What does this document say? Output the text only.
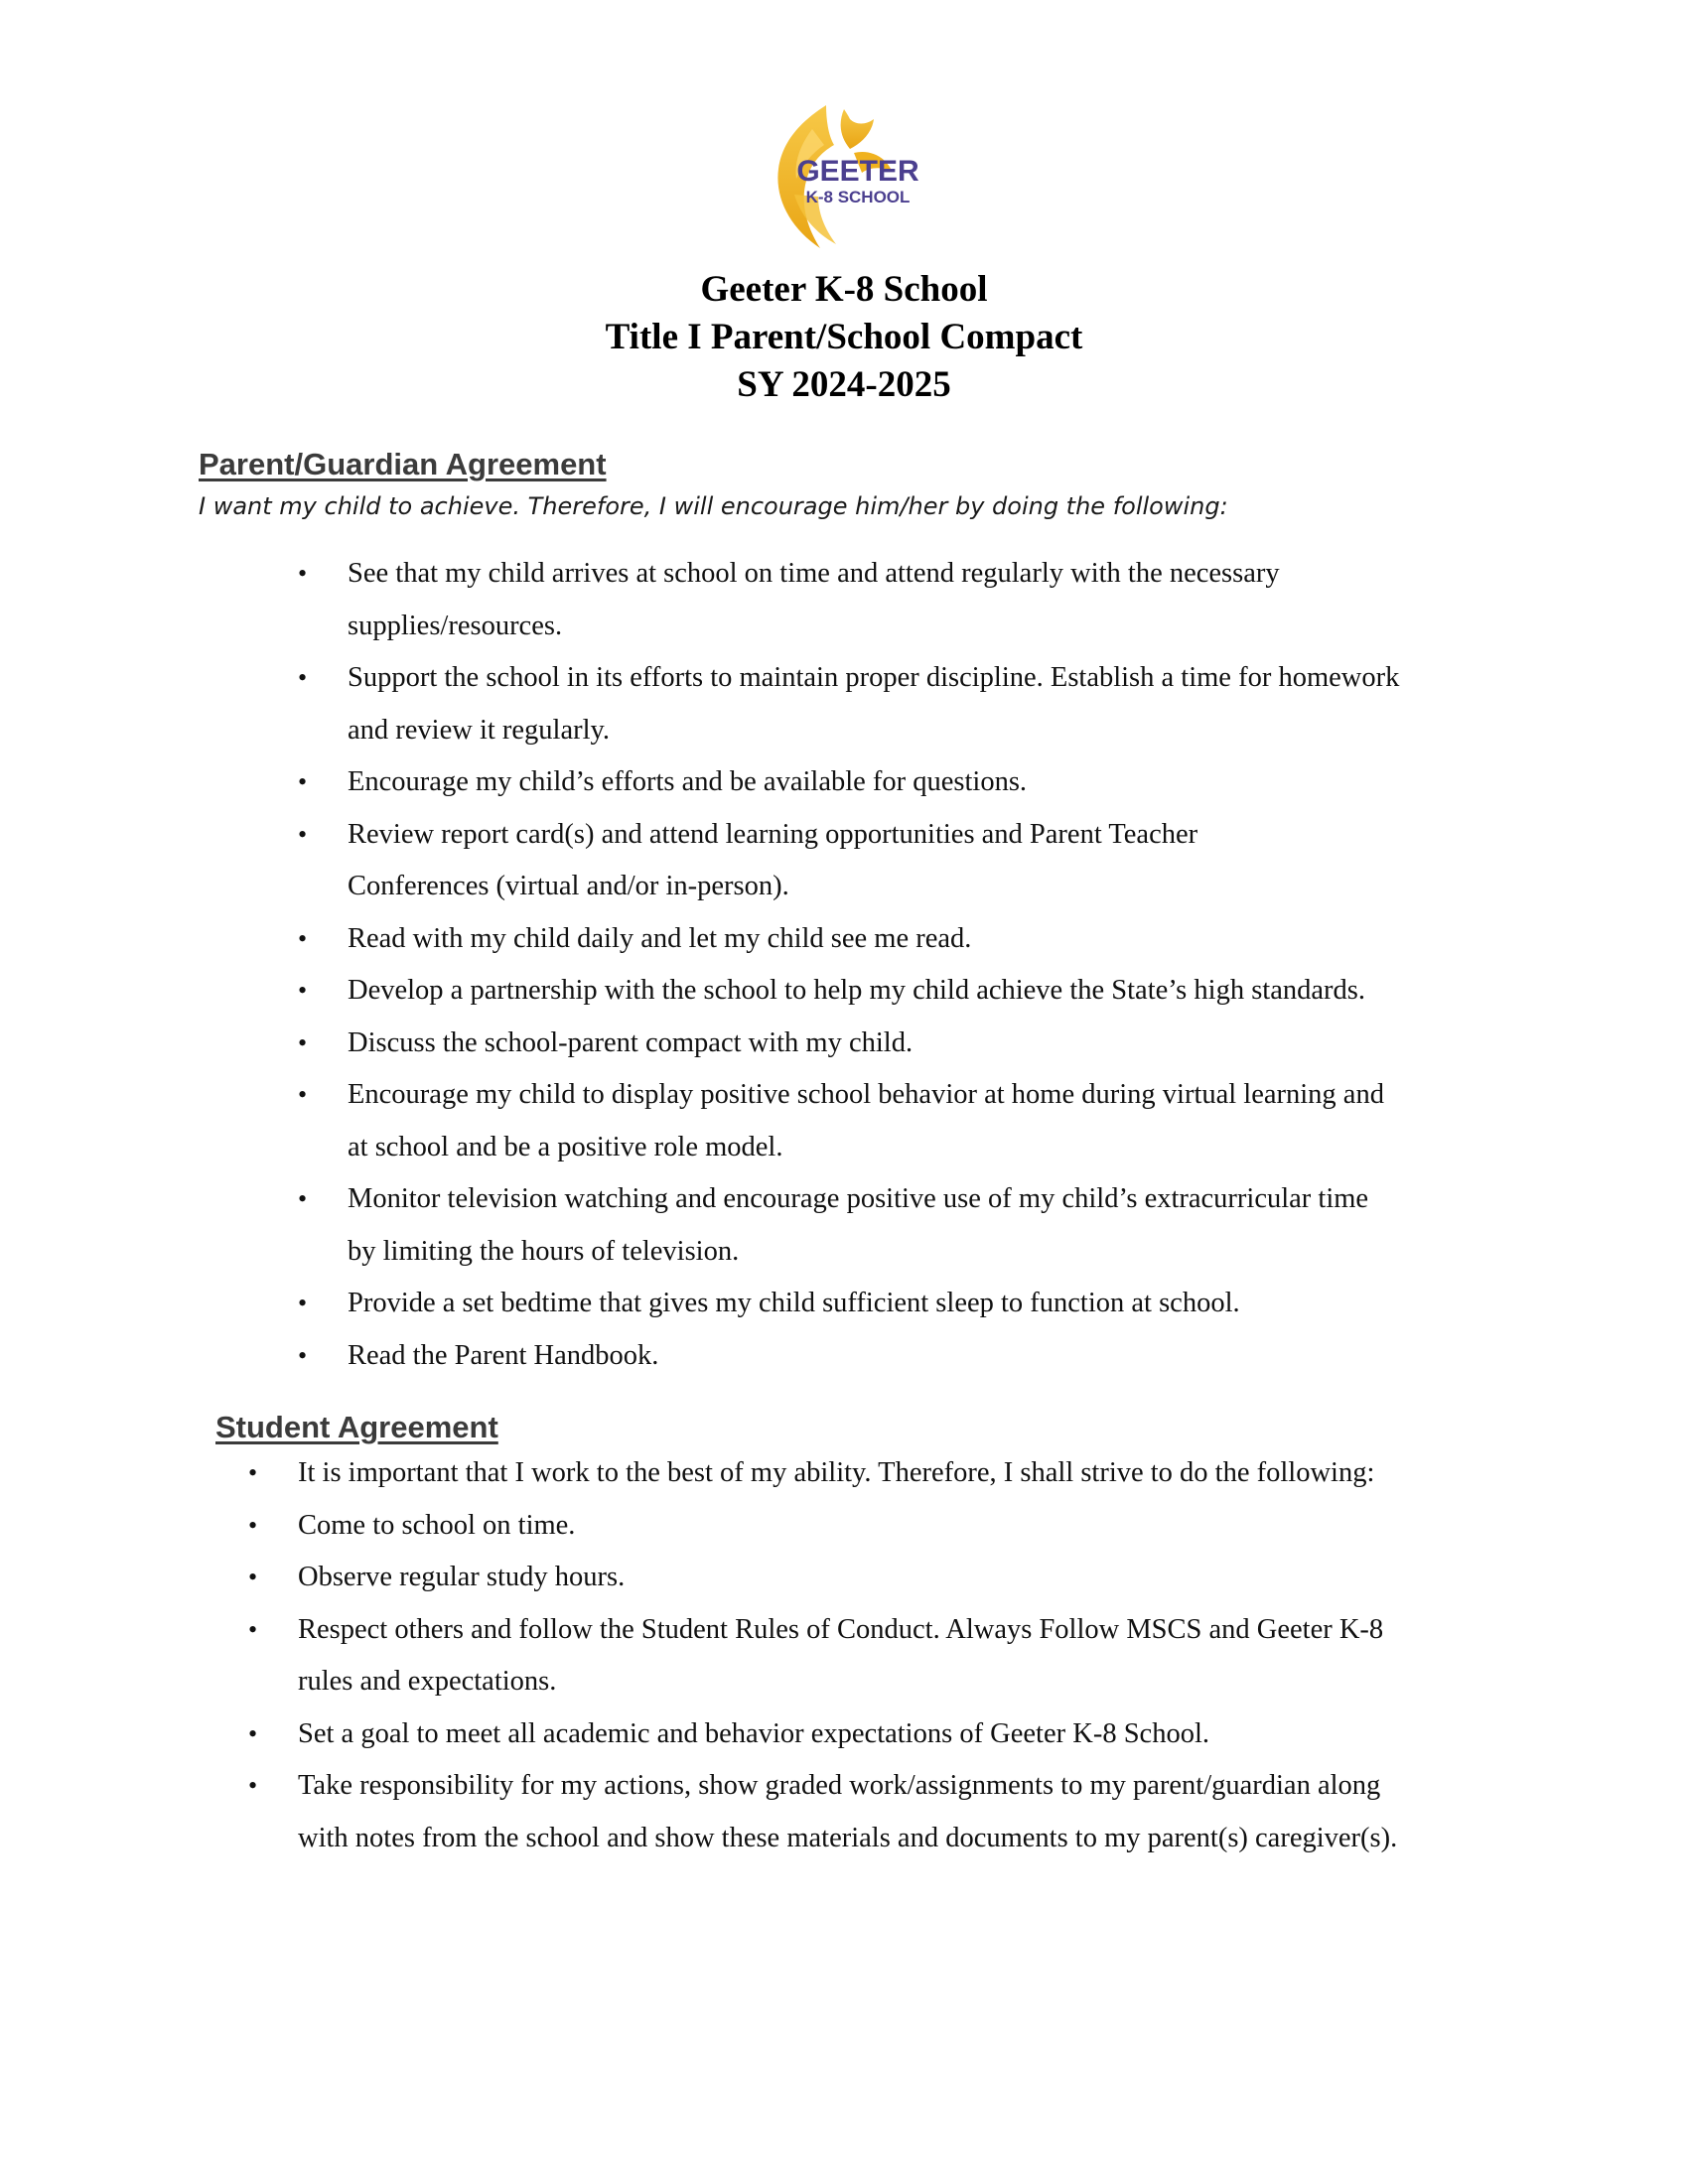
GEETER
K-8 SCHOOL
Geeter K-8 School
Title I Parent/School Compact
SY 2024-2025
Parent/Guardian Agreement
I want my child to achieve. Therefore, I will encourage him/her by doing the following:
• See that my child arrives at school on time and attend regularly with the necessary
supplies/resources.
• Support the school in its efforts to maintain proper discipline. Establish a time for homework
and review it regularly.
• Encourage my child’s efforts and be available for questions.
• Review report card(s) and attend learning opportunities and Parent Teacher
Conferences (virtual and/or in-person).
• Read with my child daily and let my child see me read.
• Develop a partnership with the school to help my child achieve the State’s high standards.
• Discuss the school-parent compact with my child.
• Encourage my child to display positive school behavior at home during virtual learning and
at school and be a positive role model.
• Monitor television watching and encourage positive use of my child’s extracurricular time
by limiting the hours of television.
• Provide a set bedtime that gives my child sufficient sleep to function at school.
• Read the Parent Handbook.
Student Agreement
• It is important that I work to the best of my ability. Therefore, I shall strive to do the following:
• Come to school on time.
• Observe regular study hours.
• Respect others and follow the Student Rules of Conduct. Always Follow MSCS and Geeter K-8
rules and expectations.
• Set a goal to meet all academic and behavior expectations of Geeter K-8 School.
• Take responsibility for my actions, show graded work/assignments to my parent/guardian along
with notes from the school and show these materials and documents to my parent(s) caregiver(s).
